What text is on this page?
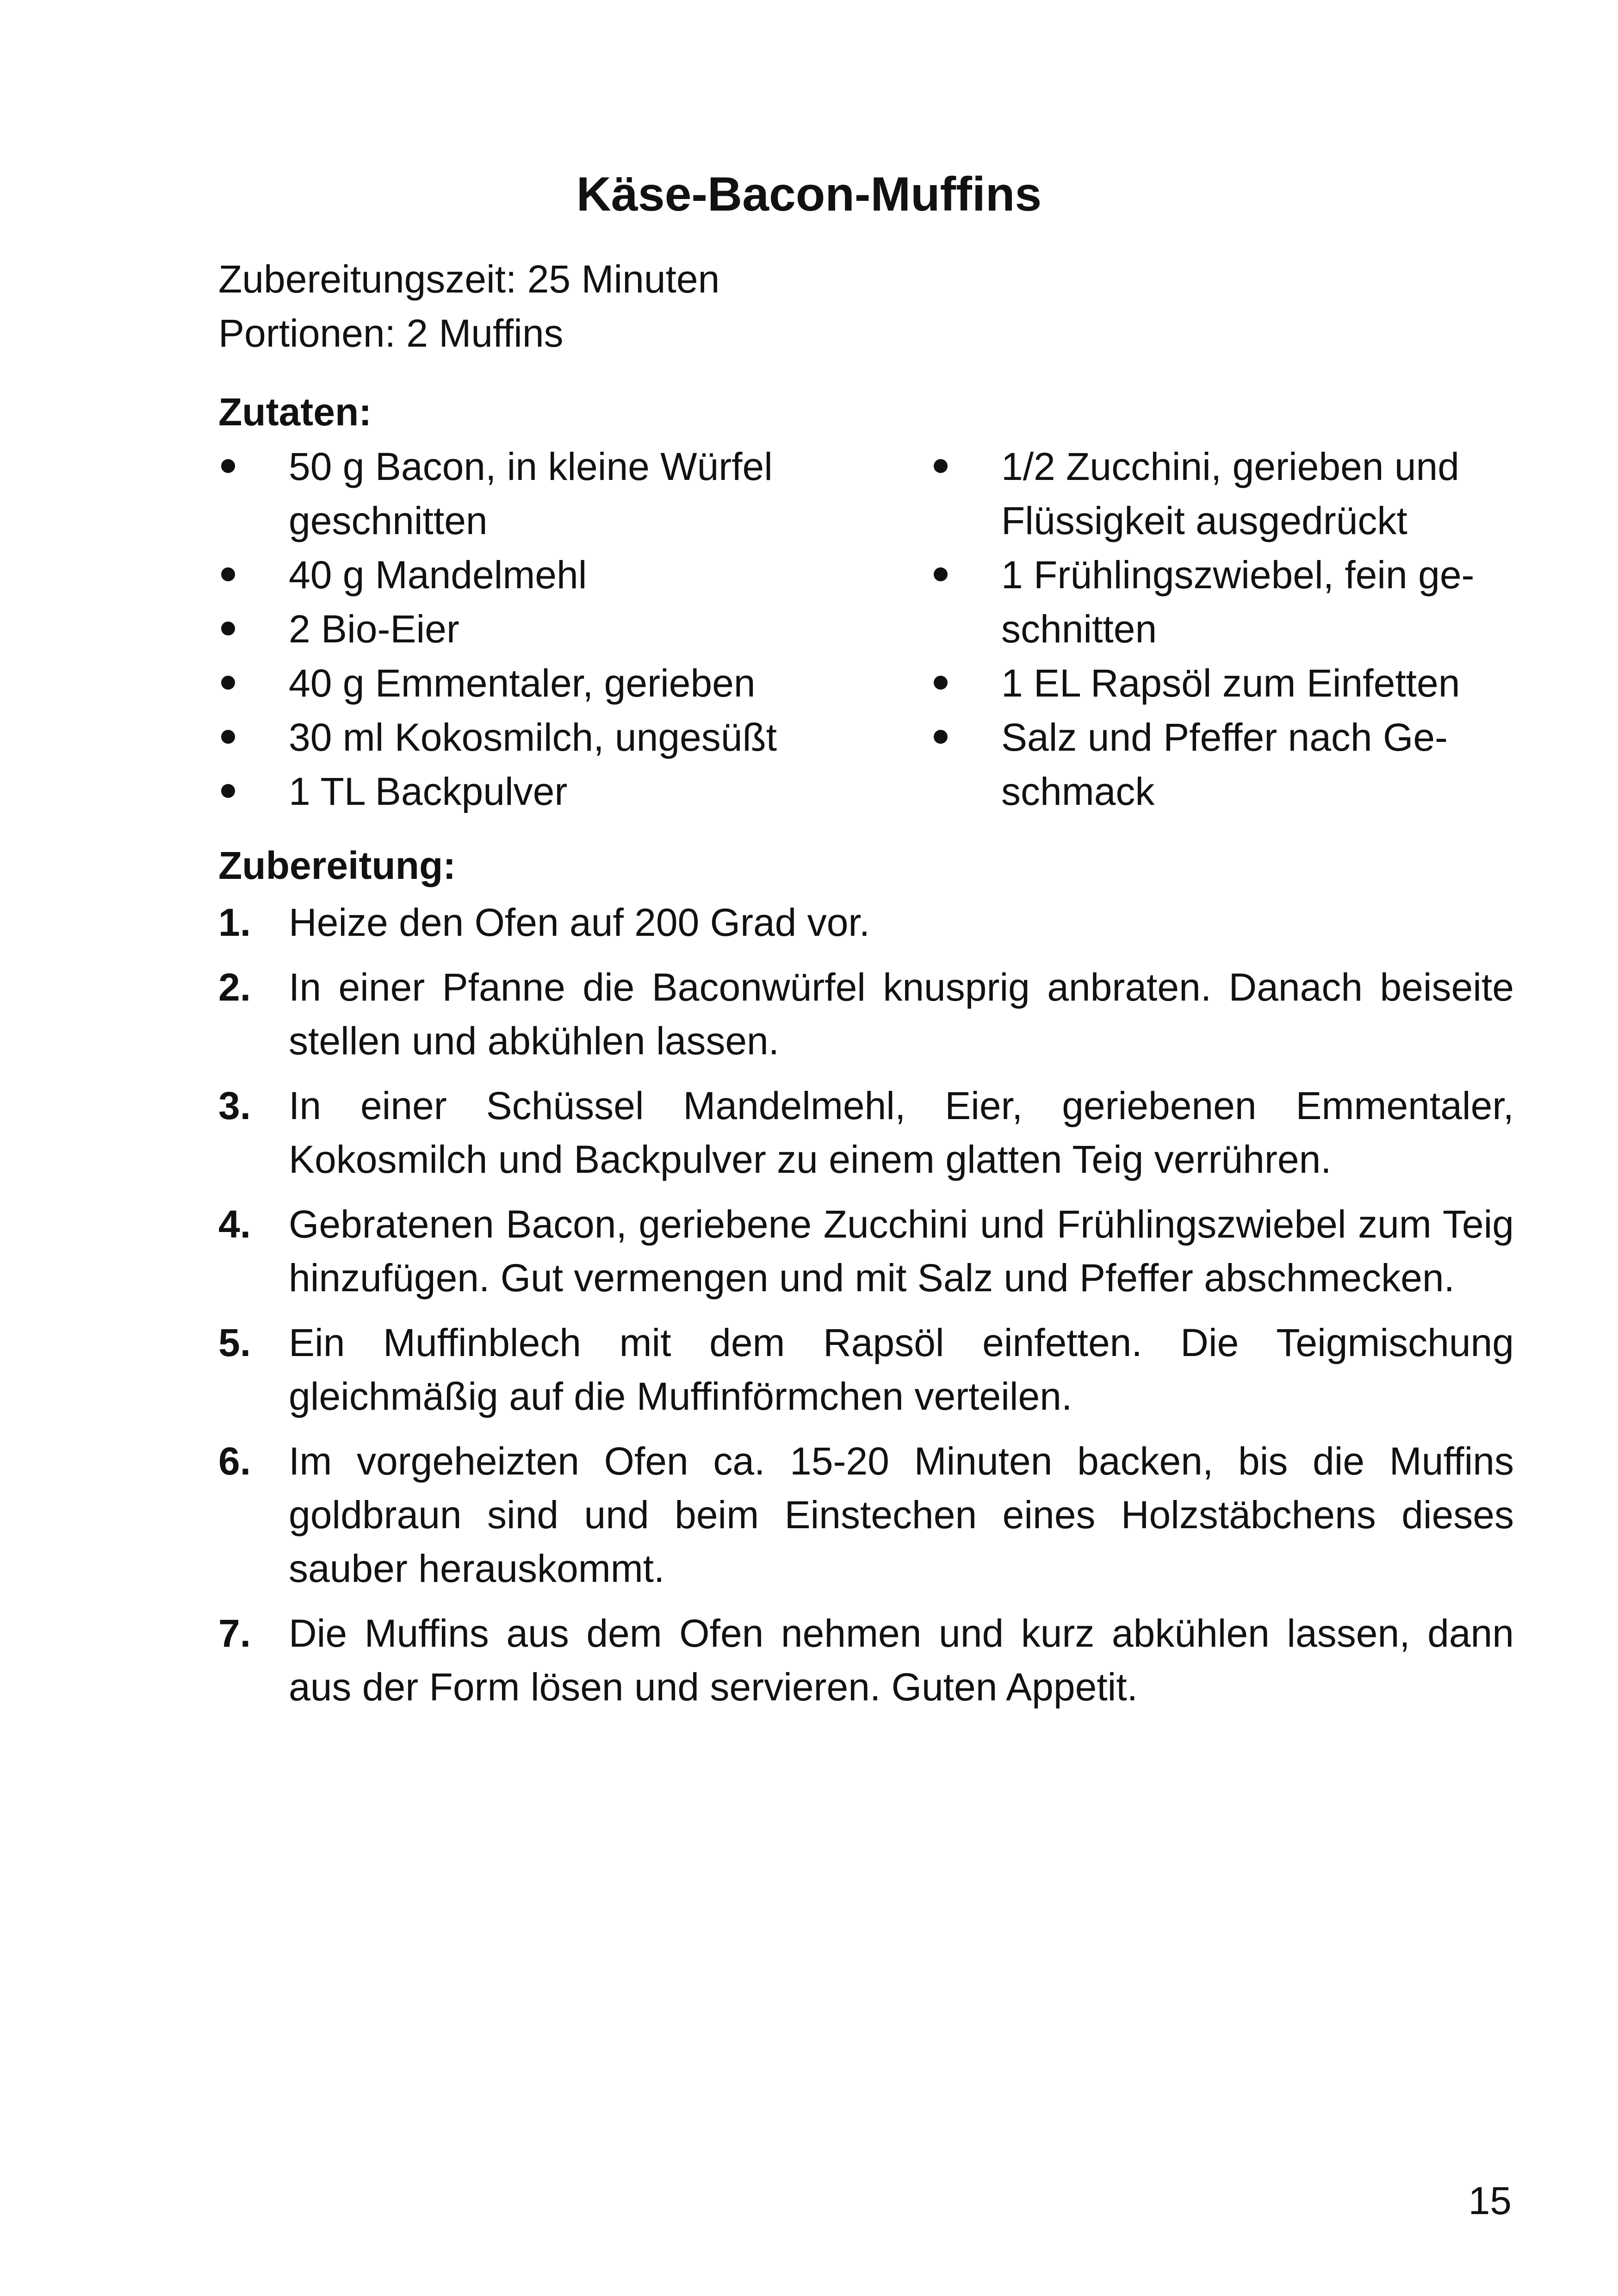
Käse-Bacon-Muffins
Zubereitungszeit: 25 Minuten
Portionen: 2 Muffins
Zutaten:
50 g Bacon, in kleine Würfel geschnitten
40 g Mandelmehl
2 Bio-Eier
40 g Emmentaler, gerieben
30 ml Kokosmilch, ungesüßt
1 TL Backpulver
1/2 Zucchini, gerieben und Flüssigkeit ausgedrückt
1 Frühlingszwiebel, fein ge-schnitten
1 EL Rapsöl zum Einfetten
Salz und Pfeffer nach Ge-schmack
Zubereitung:
1. Heize den Ofen auf 200 Grad vor.
2. In einer Pfanne die Baconwürfel knusprig anbraten. Danach beiseite stellen und abkühlen lassen.
3. In einer Schüssel Mandelmehl, Eier, geriebenen Emmentaler, Kokosmilch und Backpulver zu einem glatten Teig verrühren.
4. Gebratenen Bacon, geriebene Zucchini und Frühlingszwiebel zum Teig hinzufügen. Gut vermengen und mit Salz und Pfeffer abschmecken.
5. Ein Muffinblech mit dem Rapsöl einfetten. Die Teigmischung gleichmäßig auf die Muffinförmchen verteilen.
6. Im vorgeheizten Ofen ca. 15-20 Minuten backen, bis die Muffins goldbraun sind und beim Einstechen eines Holzstäbchens dieses sauber herauskommt.
7. Die Muffins aus dem Ofen nehmen und kurz abkühlen lassen, dann aus der Form lösen und servieren. Guten Appetit.
15
